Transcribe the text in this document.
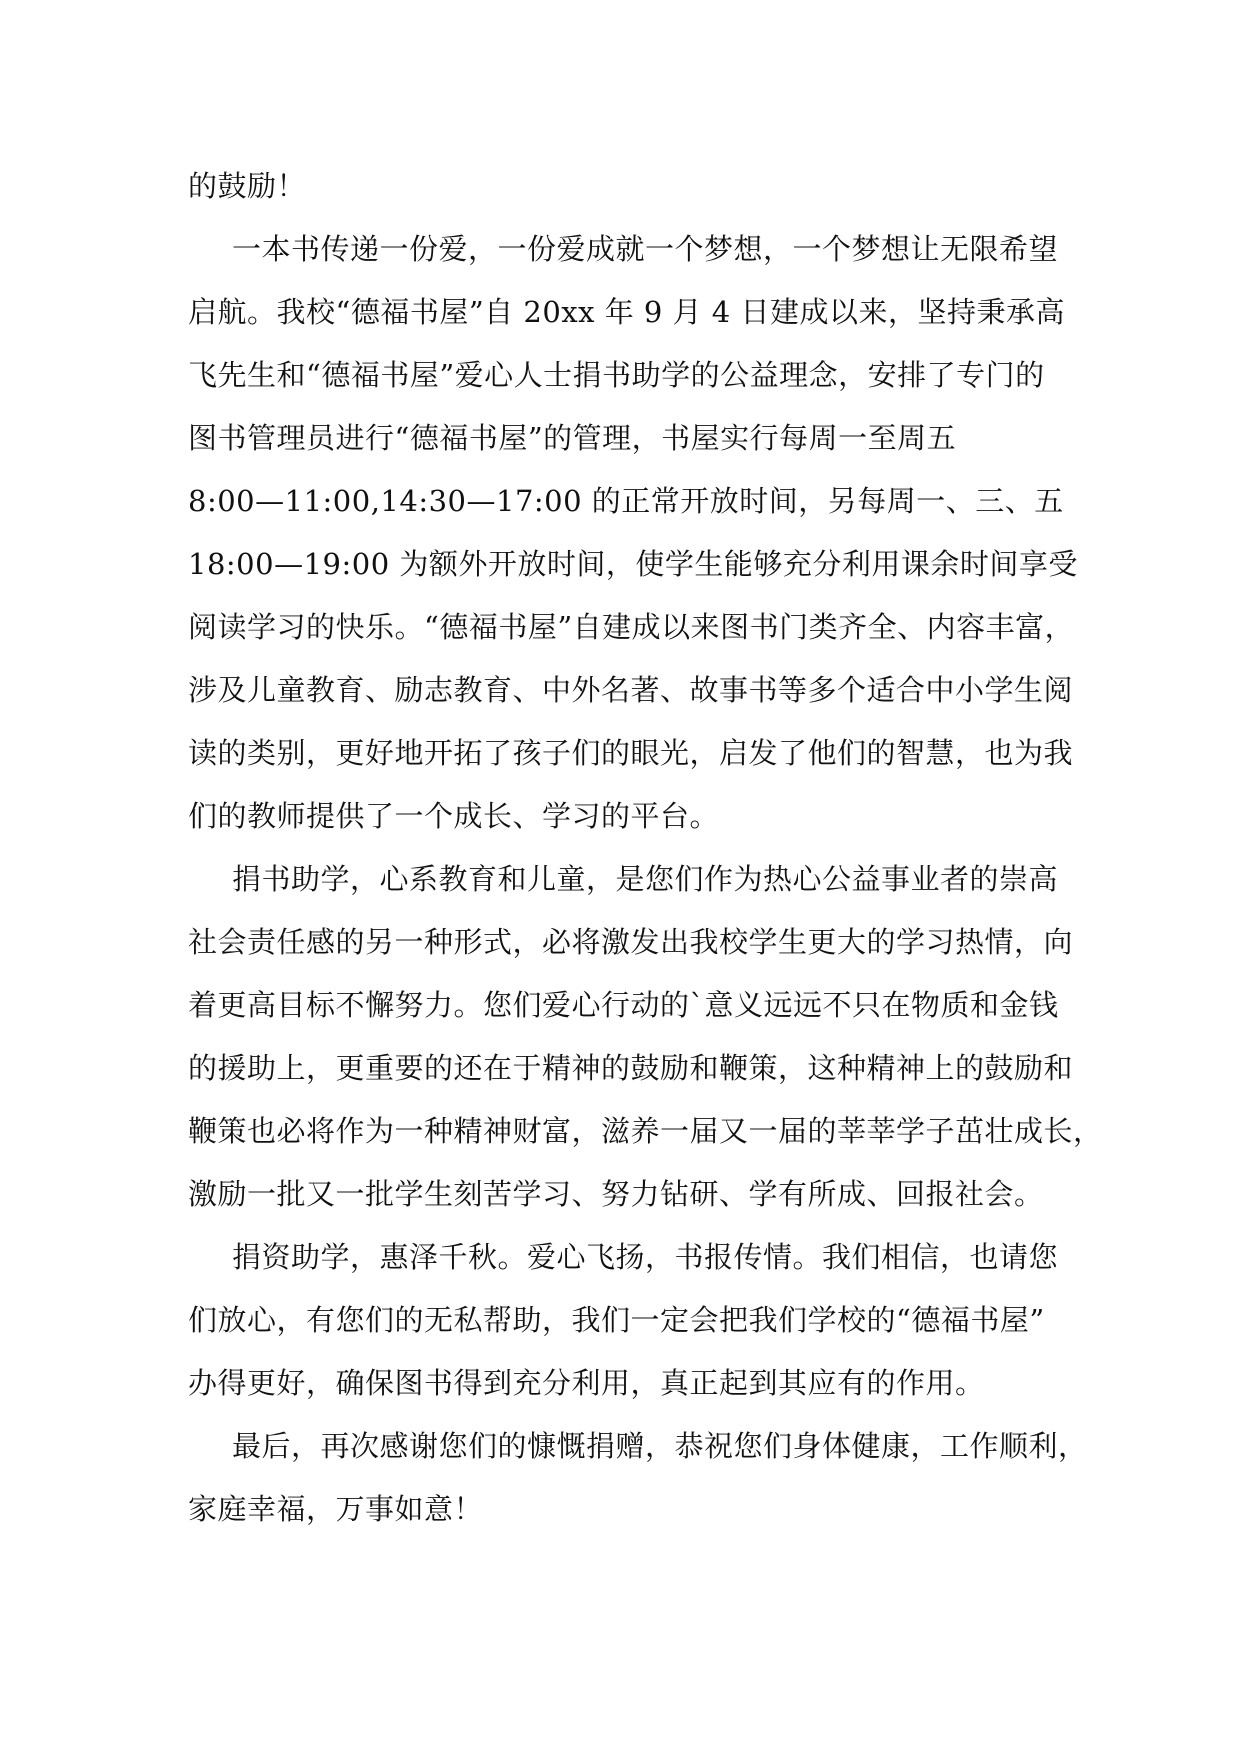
的鼓励！
一本书传递一份爱，一份爱成就一个梦想，一个梦想让无限希望
启航。我校“德福书屋”自 20xx 年 9 月 4 日建成以来，坚持秉承高
飞先生和“德福书屋”爱心人士捐书助学的公益理念，安排了专门的
图书管理员进行“德福书屋”的管理，书屋实行每周一至周五
8:00—11:00,14:30—17:00 的正常开放时间，另每周一、三、五
18:00—19:00 为额外开放时间，使学生能够充分利用课余时间享受
阅读学习的快乐。“德福书屋”自建成以来图书门类齐全、内容丰富，
涉及儿童教育、励志教育、中外名著、故事书等多个适合中小学生阅
读的类别，更好地开拓了孩子们的眼光，启发了他们的智慧，也为我
们的教师提供了一个成长、学习的平台。
捐书助学，心系教育和儿童，是您们作为热心公益事业者的崇高
社会责任感的另一种形式，必将激发出我校学生更大的学习热情，向
着更高目标不懈努力。您们爱心行动的`意义远远不只在物质和金钱
的援助上，更重要的还在于精神的鼓励和鞭策，这种精神上的鼓励和
鞭策也必将作为一种精神财富，滋养一届又一届的莘莘学子茁壮成长，
激励一批又一批学生刻苦学习、努力钻研、学有所成、回报社会。
捐资助学，惠泽千秋。爱心飞扬，书报传情。我们相信，也请您
们放心，有您们的无私帮助，我们一定会把我们学校的“德福书屋”
办得更好，确保图书得到充分利用，真正起到其应有的作用。
最后，再次感谢您们的慷慨捐赠，恭祝您们身体健康，工作顺利，
家庭幸福，万事如意！
